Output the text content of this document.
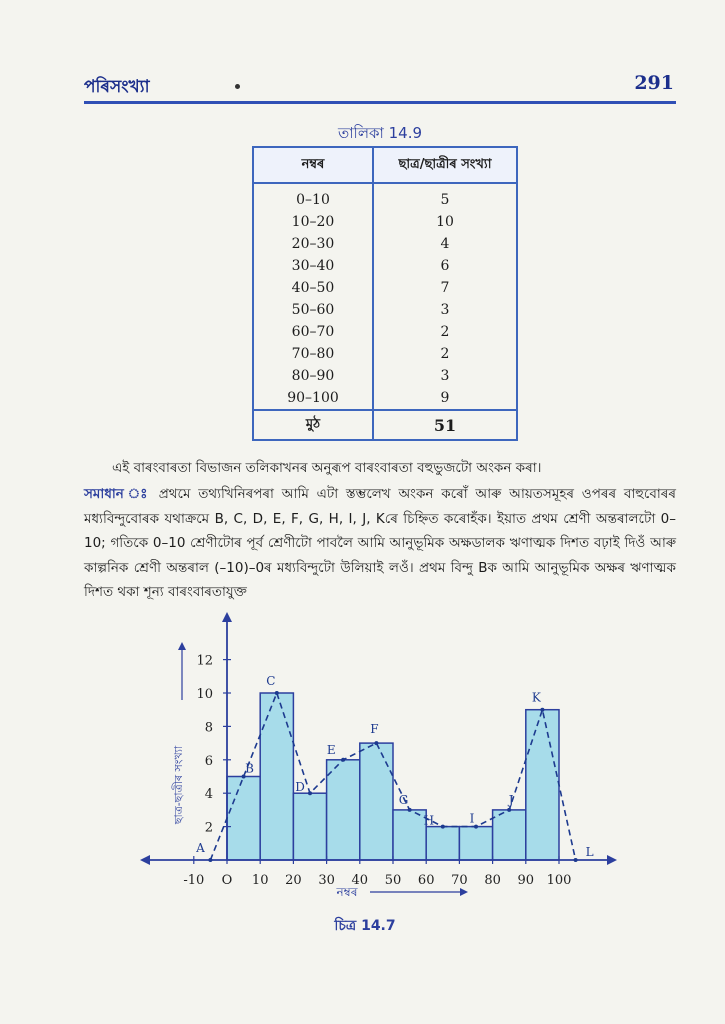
পৰিসংখ্যা	291
তালিকা 14.9
নম্বৰ	ছাত্ৰ/ছাত্ৰীৰ সংখ্যা
0–10	5
10–20	10
20–30	4
30–40	6
40–50	7
50–60	3
60–70	2
70–80	2
80–90	3
90–100	9
মুঠ	51
এই বাৰংবাৰতা বিভাজন তলিকাখনৰ অনুৰূপ বাৰংবাৰতা বহুভুজটো অংকন কৰা।
সমাধান ঃ প্ৰথমে তথ্যখিনিৰপৰা আমি এটা স্তম্ভলেখ অংকন কৰোঁ আৰু আয়তসমূহৰ ওপৰৰ বাহুবোৰৰ মধ্যবিন্দুবোৰক যথাক্ৰমে B, C, D, E, F, G, H, I, J, Kৰে চিহ্নিত কৰোহঁক। ইয়াত প্ৰথম শ্ৰেণী অন্তৰালটো 0–10; গতিকে 0–10 শ্ৰেণীটোৰ পূৰ্ব শ্ৰেণীটো পাবলৈ আমি আনুভূমিক অক্ষডালক ঋণাত্মক দিশত বঢ়াই দিওঁ আৰু কাল্পনিক শ্ৰেণী অন্তৰাল (–10)–0ৰ মধ্যবিন্দুটো উলিয়াই লওঁ। প্ৰথম বিন্দু Bক আমি আনুভূমিক অক্ষৰ ঋণাত্মক দিশত থকা শূন্য বাৰংবাৰতাযুক্ত
-10 O 10 20 30 40 50 60 70 80 90 100
2
4
6
8
10
12
A
B
C
D
E
F
G
H	I
J
K
L
ছাত্ৰ-ছাত্ৰীৰ সংখ্যা
নম্বৰ
চিত্ৰ 14.7
